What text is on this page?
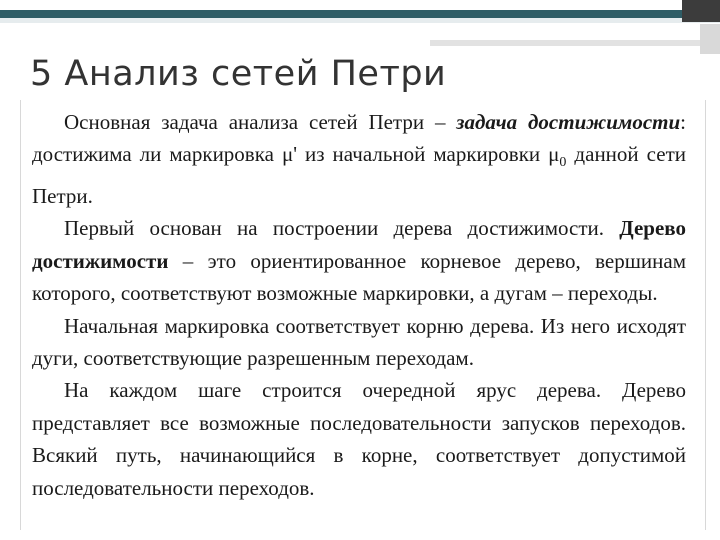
5 Анализ сетей Петри

Основная задача анализа сетей Петри – задача достижимости: достижима ли маркировка μ' из начальной маркировки $\mu_0$ данной сети Петри.

Первый основан на построении дерева достижимости. Дерево достижимости – это ориентированное корневое дерево, вершинам которого, соответствуют возможные маркировки, а дугам – переходы.

Начальная маркировка соответствует корню дерева. Из него исходят дуги, соответствующие разрешенным переходам.

На каждом шаге строится очередной ярус дерева. Дерево представляет все возможные последовательности запусков переходов. Всякий путь, начинающийся в корне, соответствует допустимой последовательности переходов.
